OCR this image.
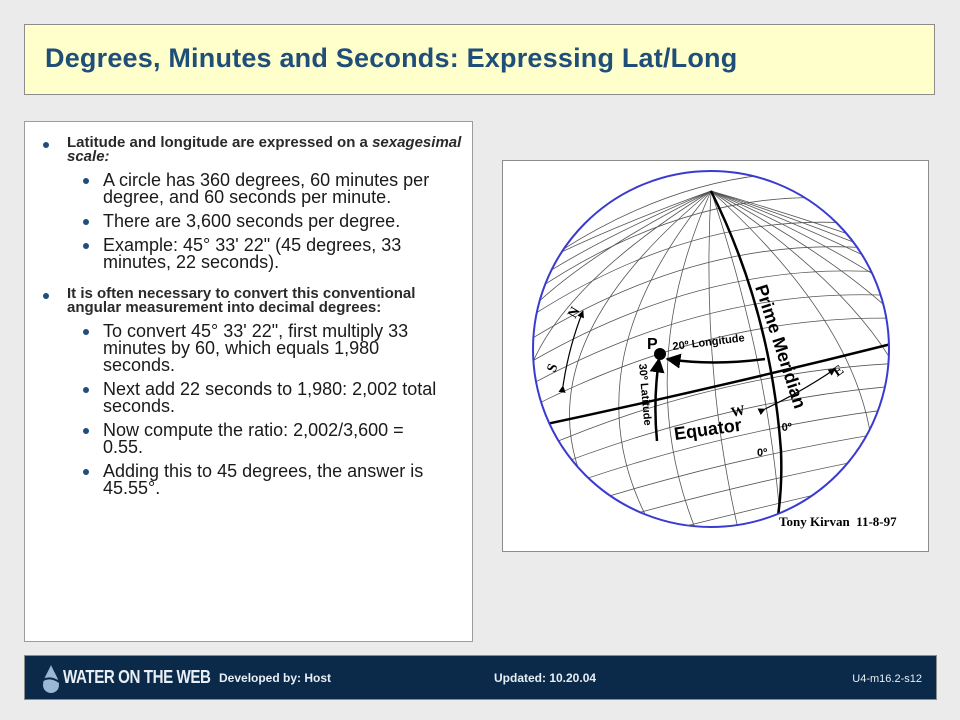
Degrees, Minutes and Seconds: Expressing Lat/Long
Latitude and longitude are expressed on a sexagesimal scale:
A circle has 360 degrees, 60 minutes per degree, and 60 seconds per minute.
There are 3,600 seconds per degree.
Example: 45° 33' 22" (45 degrees, 33 minutes, 22 seconds).
It is often necessary to convert this conventional angular measurement into decimal degrees:
To convert 45° 33' 22", first multiply 33 minutes by 60, which equals 1,980 seconds.
Next add 22 seconds to 1,980: 2,002 total seconds.
Now compute the ratio: 2,002/3,600 = 0.55.
Adding this to 45 degrees, the answer is 45.55°.
P 20º Longitude
30º Latitude	Prime Meridian
Equator	0º
0º
N
S	E
W
Tony Kirvan  11-8-97
WATER ON THE WEB Developed by: Host	Updated: 10.20.04	U4-m16.2-s12
